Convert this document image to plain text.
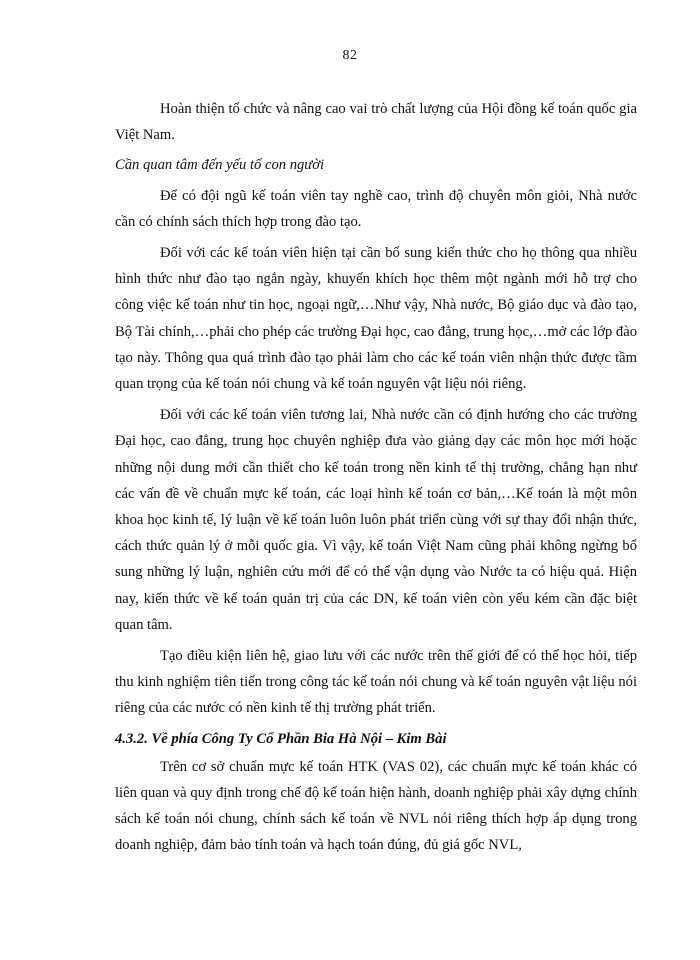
82

Hoàn thiện tổ chức và nâng cao vai trò chất lượng của Hội đồng kế toán quốc gia Việt Nam.

Cần quan tâm đến yếu tố con người

Để có đội ngũ kế toán viên tay nghề cao, trình độ chuyên môn giỏi, Nhà nước cần có chính sách thích hợp trong đào tạo.

Đối với các kế toán viên hiện tại cần bổ sung kiến thức cho họ thông qua nhiều hình thức như đào tạo ngắn ngày, khuyến khích học thêm một ngành mới hỗ trợ cho công việc kế toán như tin học, ngoại ngữ,…Như vậy, Nhà nước, Bộ giáo dục và đào tạo, Bộ Tài chính,…phải cho phép các trường Đại học, cao đẳng, trung học,…mở các lớp đào tạo này. Thông qua quá trình đào tạo phải làm cho các kế toán viên nhận thức được tầm quan trọng của kế toán nói chung và kế toán nguyên vật liệu nói riêng.

Đối với các kế toán viên tương lai, Nhà nước cần có định hướng cho các trường Đại học, cao đẳng, trung học chuyên nghiệp đưa vào giảng dạy các môn học mới hoặc những nội dung mới cần thiết cho kế toán trong nền kinh tế thị trường, chẳng hạn như các vấn đề về chuẩn mực kế toán, các loại hình kế toán cơ bản,…Kế toán là một môn khoa học kinh tế, lý luận về kế toán luôn luôn phát triển cùng với sự thay đổi nhận thức, cách thức quản lý ở mỗi quốc gia. Vì vậy, kế toán Việt Nam cũng phải không ngừng bổ sung những lý luận, nghiên cứu mới để có thể vận dụng vào Nước ta có hiệu quả. Hiện nay, kiến thức về kế toán quản trị của các DN, kế toán viên còn yếu kém cần đặc biệt quan tâm.

Tạo điều kiện liên hệ, giao lưu với các nước trên thế giới để có thể học hỏi, tiếp thu kinh nghiệm tiên tiến trong công tác kế toán nói chung và kế toán nguyên vật liệu nói riêng của các nước có nền kinh tế thị trường phát triển.

4.3.2. Về phía Công Ty Cổ Phần Bia Hà Nội – Kim Bài

Trên cơ sở chuẩn mực kế toán HTK (VAS 02), các chuẩn mực kế toán khác có liên quan và quy định trong chế độ kế toán hiện hành, doanh nghiệp phải xây dựng chính sách kế toán nói chung, chính sách kế toán về NVL nói riêng thích hợp áp dụng trong doanh nghiệp, đảm bảo tính toán và hạch toán đúng, đủ giá gốc NVL,
